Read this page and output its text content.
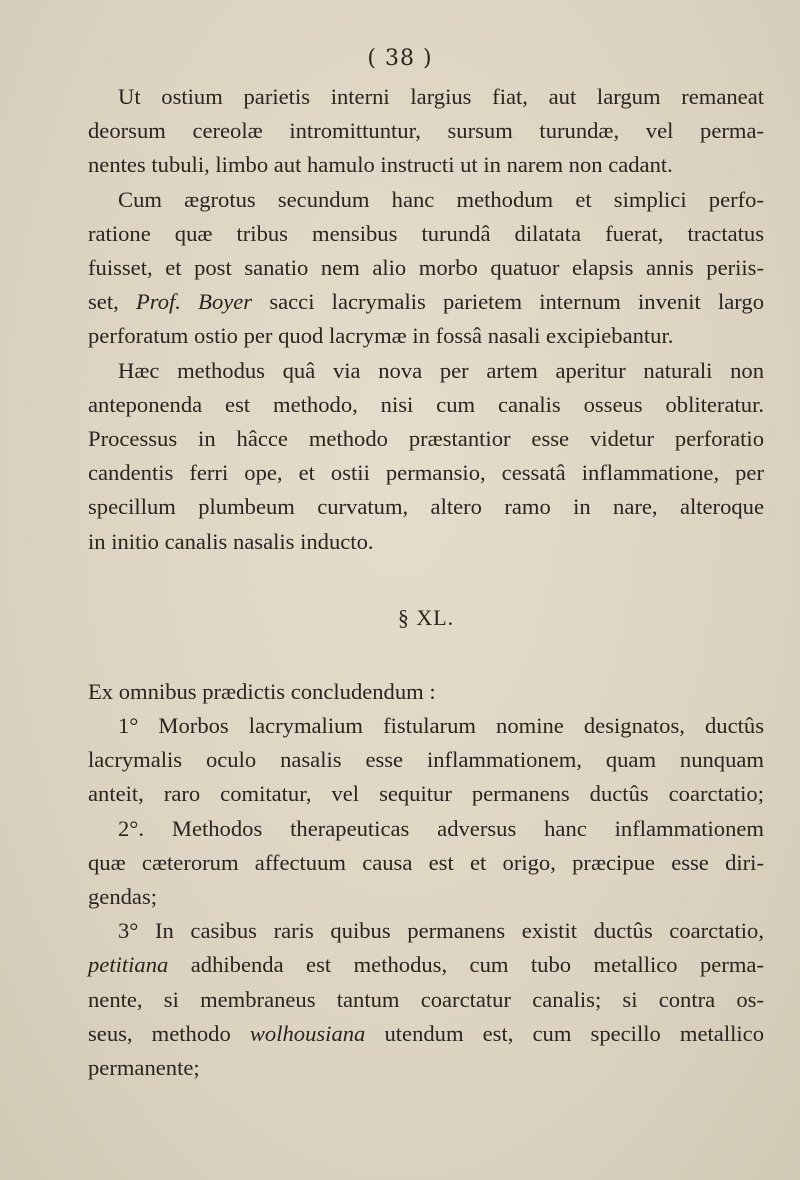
( 38 )

Ut ostium parietis interni largius fiat, aut largum remaneat
deorsum cereolæ intromittuntur, sursum turundæ, vel perma-
nentes tubuli, limbo aut hamulo instructi ut in narem non cadant.

Cum ægrotus secundum hanc methodum et simplici perfo-
ratione quæ tribus mensibus turundâ dilatata fuerat, tractatus
fuisset, et post sanatio nem alio morbo quatuor elapsis annis periis-
set, Prof. Boyer sacci lacrymalis parietem internum invenit largo
perforatum ostio per quod lacrymæ in fossâ nasali excipiebantur.

Hæc methodus quâ via nova per artem aperitur naturali non
anteponenda est methodo, nisi cum canalis osseus obliteratur.
Processus in hâcce methodo præstantior esse videtur perforatio
candentis ferri ope, et ostii permansio, cessatâ inflammatione, per
specillum plumbeum curvatum, altero ramo in nare, alteroque
in initio canalis nasalis inducto.

§ XL.

Ex omnibus prædictis concludendum :

1° Morbos lacrymalium fistularum nomine designatos, ductûs
lacrymalis oculo nasalis esse inflammationem, quam nunquam
anteit, raro comitatur, vel sequitur permanens ductûs coarctatio;

2°. Methodos therapeuticas adversus hanc inflammationem
quæ cæterorum affectuum causa est et origo, præcipue esse diri-
gendas;

3° In casibus raris quibus permanens existit ductûs coarctatio,
petitiana adhibenda est methodus, cum tubo metallico perma-
nente, si membraneus tantum coarctatur canalis; si contra os-
seus, methodo wolhousiana utendum est, cum specillo metallico
permanente;
